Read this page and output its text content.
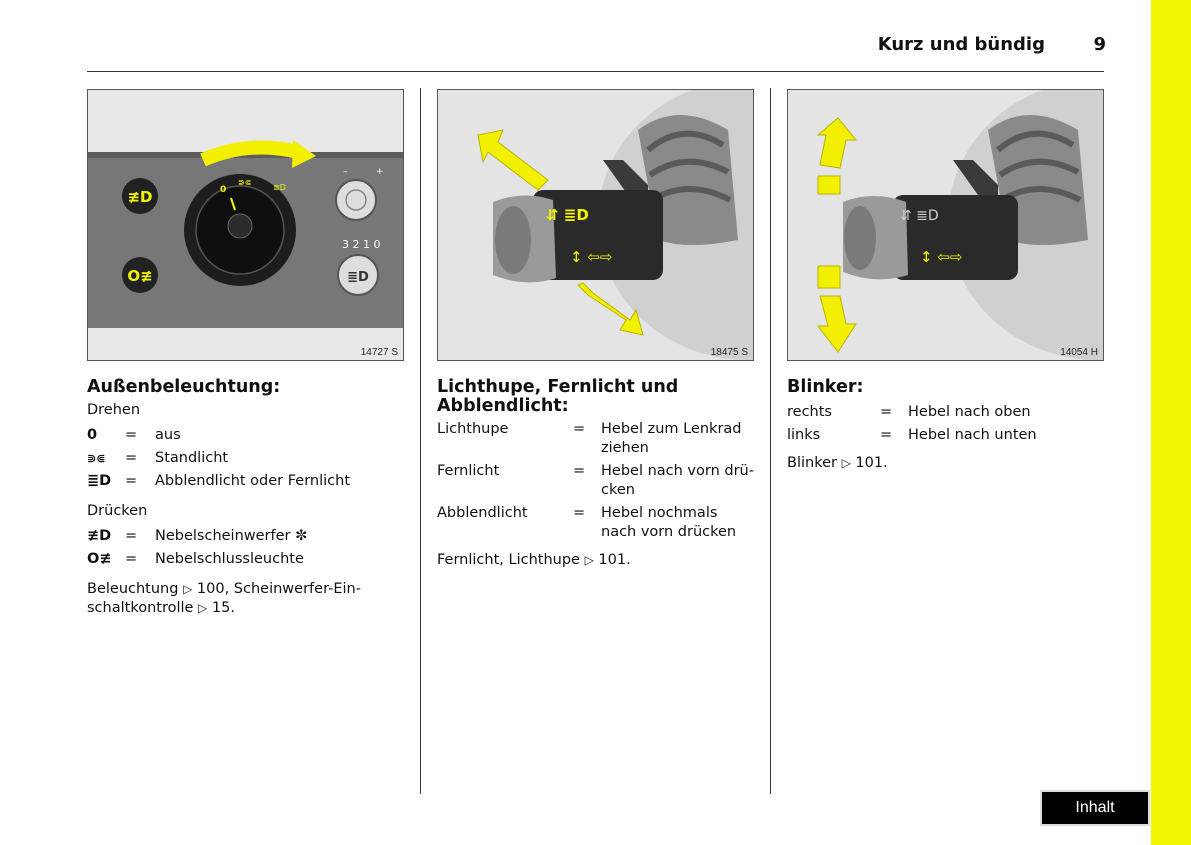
Kurz und bündig	9
≢D
O≢
0
⋑⋐
≣D
–	+
3 2 1 0
≣D
14727 S
⇵ ≣D
↕ ⇦⇨
18475 S
⇵ ≣D
↕ ⇦⇨
14054 H
Außenbeleuchtung:

Drehen

0	=	aus
⋑⋐	=	Standlicht
≣D =	Abblendlicht oder Fernlicht

Drücken

≢D =	Nebelscheinwerfer ✼
O≢ =	Nebelschlussleuchte

Beleuchtung ▷ 100, Scheinwerfer-Ein-
schaltkontrolle ▷ 15.

Lichthupe, Fernlicht und
Abblendlicht:
Lichthupe	=	Hebel zum Lenkrad
ziehen
Fernlicht	=	Hebel nach vorn drü-
cken
Abblendlicht	=	Hebel nochmals
nach vorn drücken

Fernlicht, Lichthupe ▷ 101.

Blinker:
rechts	=	Hebel nach oben
links	=	Hebel nach unten

Blinker ▷ 101.

Inhalt
